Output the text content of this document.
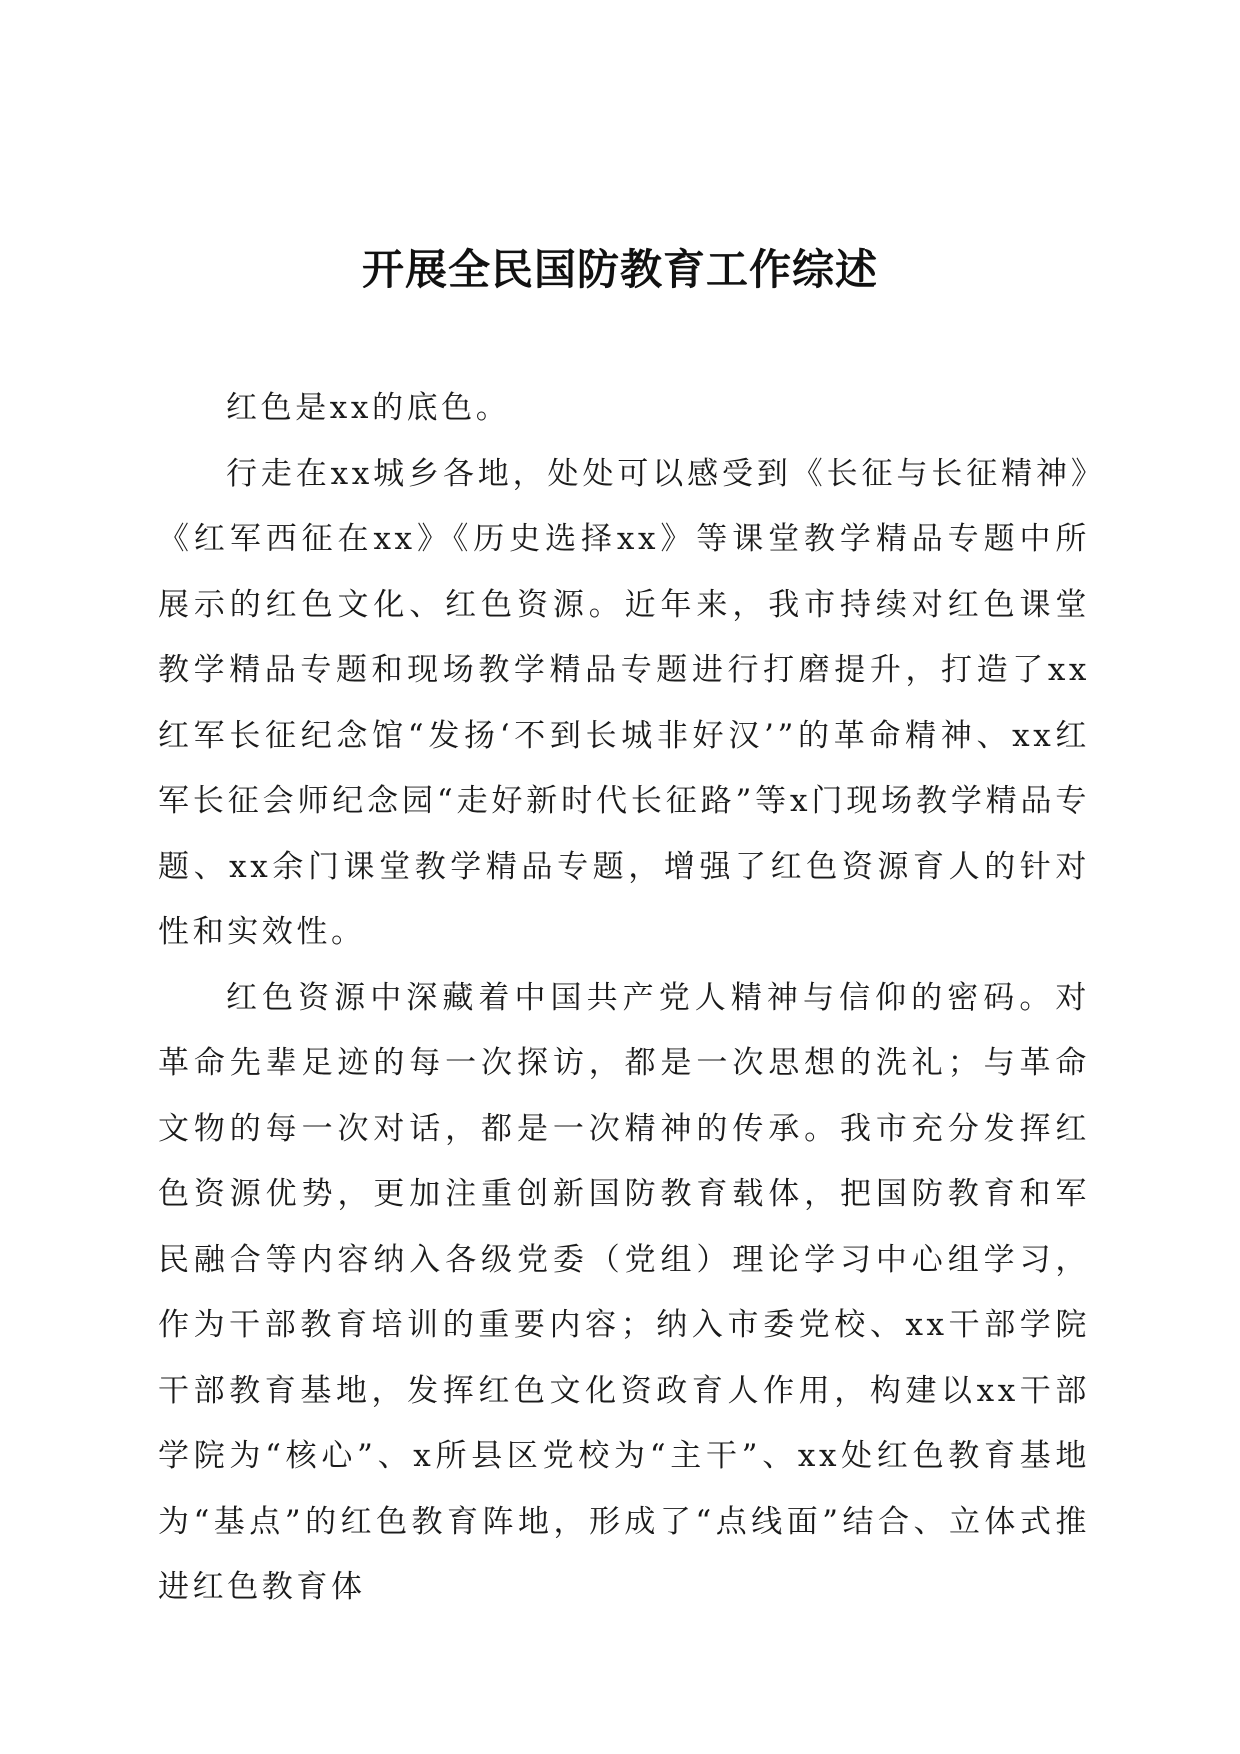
开展全民国防教育工作综述

红色是xx的底色。

行走在xx城乡各地，处处可以感受到《长征与长征精神》《红军西征在xx》《历史选择xx》等课堂教学精品专题中所展示的红色文化、红色资源。近年来，我市持续对红色课堂教学精品专题和现场教学精品专题进行打磨提升，打造了xx红军长征纪念馆“发扬‘不到长城非好汉’”的革命精神、xx红军长征会师纪念园“走好新时代长征路”等x门现场教学精品专题、xx余门课堂教学精品专题，增强了红色资源育人的针对性和实效性。

红色资源中深藏着中国共产党人精神与信仰的密码。对革命先辈足迹的每一次探访，都是一次思想的洗礼；与革命文物的每一次对话，都是一次精神的传承。我市充分发挥红色资源优势，更加注重创新国防教育载体，把国防教育和军民融合等内容纳入各级党委（党组）理论学习中心组学习，作为干部教育培训的重要内容；纳入市委党校、xx干部学院干部教育基地，发挥红色文化资政育人作用，构建以xx干部学院为“核心”、x所县区党校为“主干”、xx处红色教育基地为“基点”的红色教育阵地，形成了“点线面”结合、立体式推进红色教育体
